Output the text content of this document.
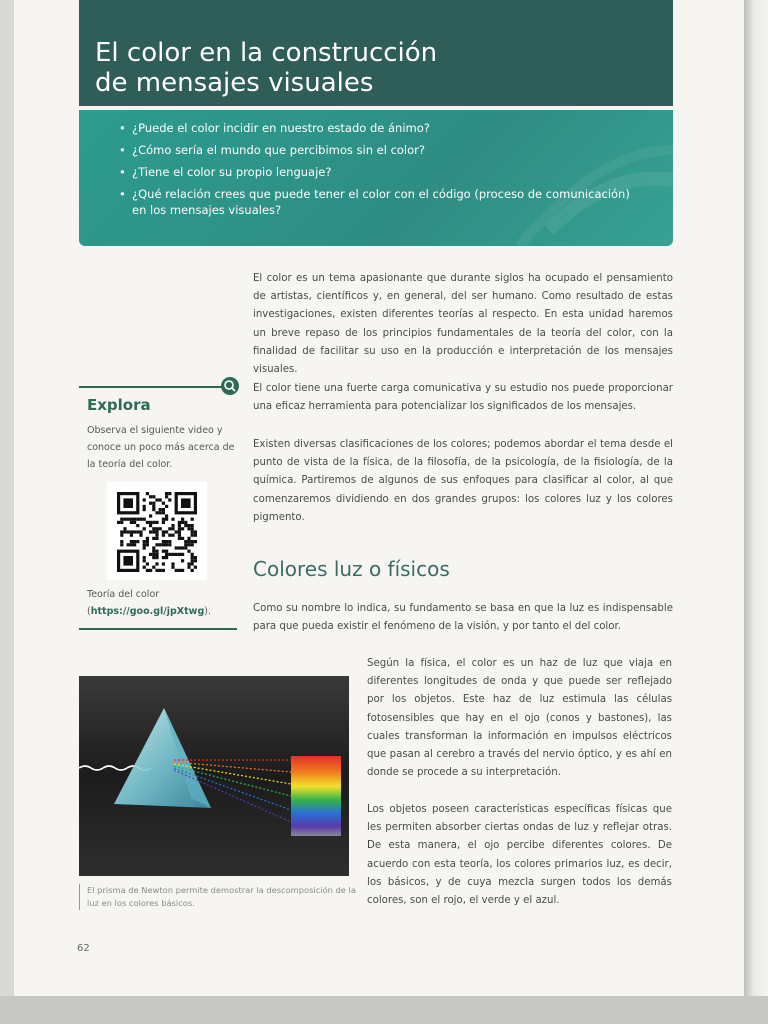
El color en la construcción
de mensajes visuales
• ¿Puede el color incidir en nuestro estado de ánimo?
• ¿Cómo sería el mundo que percibimos sin el color?
• ¿Tiene el color su propio lenguaje?
• ¿Qué relación crees que puede tener el color con el código (proceso de comunicación) en los mensajes visuales?

El color es un tema apasionante que durante siglos ha ocupado el pensamiento de artistas, científicos y, en general, del ser humano. Como resultado de estas investigaciones, existen diferentes teorías al respecto. En esta unidad haremos un breve repaso de los principios fundamentales de la teoría del color, con la finalidad de facilitar su uso en la producción e interpretación de los mensajes visuales.

El color tiene una fuerte carga comunicativa y su estudio nos puede proporcionar una eficaz herramienta para potencializar los significados de los mensajes.

Existen diversas clasificaciones de los colores; podemos abordar el tema desde el punto de vista de la física, de la filosofía, de la psicología, de la fisiología, de la química. Partiremos de algunos de sus enfoques para clasificar al color, al que comenzaremos dividiendo en dos grandes grupos: los colores luz y los colores pigmento.

Colores luz o físicos

Como su nombre lo indica, su fundamento se basa en que la luz es indispensable para que pueda existir el fenómeno de la visión, y por tanto el del color.

Según la física, el color es un haz de luz que viaja en diferentes longitudes de onda y que puede ser reflejado por los objetos. Este haz de luz estimula las células fotosensibles que hay en el ojo (conos y bastones), las cuales transforman la información en impulsos eléctricos que pasan al cerebro a través del nervio óptico, y es ahí en donde se procede a su interpretación.

Los objetos poseen características específicas físicas que les permiten absorber ciertas ondas de luz y reflejar otras. De esta manera, el ojo percibe diferentes colores. De acuerdo con esta teoría, los colores primarios luz, es decir, los básicos, y de cuya mezcla surgen todos los demás colores, son el rojo, el verde y el azul.

Explora

Observa el siguiente video y conoce un poco más acerca de la teoría del color.

Teoría del color
(https://goo.gl/jpXtwg).

El prisma de Newton permite demostrar la descomposición de la luz en los colores básicos.

62
